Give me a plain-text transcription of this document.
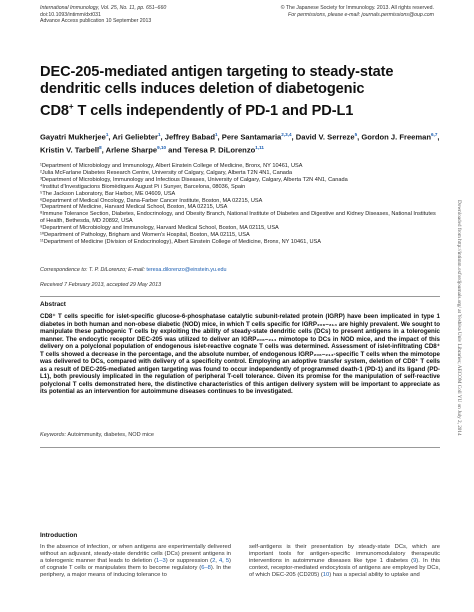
International Immunology, Vol. 25, No. 11, pp. 651–660
doi:10.1093/intimm/dxt031
Advance Access publication 10 September 2013
© The Japanese Society for Immunology. 2013. All rights reserved.
For permissions, please e-mail: journals.permissions@oup.com
DEC-205-mediated antigen targeting to steady-state
dendritic cells induces deletion of diabetogenic
CD8+ T cells independently of PD-1 and PD-L1
Gayatri Mukherjee$^1$, Ari Geliebter$^1$, Jeffrey Babad$^1$, Pere Santamaria$^{2,3,4}$, David V. Serreze$^5$, Gordon J. Freeman$^{6,7}$, Kristin V. Tarbell$^8$, Arlene Sharpe$^{9,10}$ and Teresa P. DiLorenzo$^{1,11}$
¹Department of Microbiology and Immunology, Albert Einstein College of Medicine, Bronx, NY 10461, USA
²Julia McFarlane Diabetes Research Centre, University of Calgary, Calgary, Alberta T2N 4N1, Canada
³Department of Microbiology, Immunology and Infectious Diseases, University of Calgary, Calgary, Alberta T2N 4N1, Canada
⁴Institut d'Investigacions Biomèdiques August Pi i Sunyer, Barcelona, 08036, Spain
⁵The Jackson Laboratory, Bar Harbor, ME 04609, USA
⁶Department of Medical Oncology, Dana-Farber Cancer Institute, Boston, MA 02215, USA
⁷Department of Medicine, Harvard Medical School, Boston, MA 02215, USA
⁸Immune Tolerance Section, Diabetes, Endocrinology, and Obesity Branch, National Institute of Diabetes and Digestive and Kidney Diseases, National Institutes of Health, Bethesda, MD 20892, USA
⁹Department of Microbiology and Immunology, Harvard Medical School, Boston, MA 02115, USA
¹⁰Department of Pathology, Brigham and Women's Hospital, Boston, MA 02115, USA
¹¹Department of Medicine (Division of Endocrinology), Albert Einstein College of Medicine, Bronx, NY 10461, USA
Correspondence to: T. P. DiLorenzo; E-mail: teresa.dilorenzo@einstein.yu.edu
Received 7 February 2013, accepted 29 May 2013
Abstract
CD8⁺ T cells specific for islet-specific glucose-6-phosphatase catalytic subunit-related protein (IGRP) have been implicated in type 1 diabetes in both human and non-obese diabetic (NOD) mice, in which T cells specific for IGRP₂₀₆–₂₁₄ are highly prevalent. We sought to manipulate these pathogenic T cells by exploiting the ability of steady-state dendritic cells (DCs) to present antigens in a tolerogenic manner. The endocytic receptor DEC-205 was utilized to deliver an IGRP₂₀₆–₂₁₄ mimotope to DCs in NOD mice, and the impact of this delivery on a polyclonal population of endogenous islet-reactive cognate T cells was determined. Assessment of islet-infiltrating CD8⁺ T cells showed a decrease in the percentage, and the absolute number, of endogenous IGRP₂₀₆–₂₁₄-specific T cells when the mimotope was delivered to DCs, compared with delivery of a specificity control. Employing an adoptive transfer system, deletion of CD8⁺ T cells as a result of DEC-205-mediated antigen targeting was found to occur independently of programmed death-1 (PD-1) and its ligand (PD-L1), both previously implicated in the regulation of peripheral T-cell tolerance. Given its promise for the manipulation of self-reactive polyclonal T cells demonstrated here, the distinctive characteristics of this antigen delivery system will be important to appreciate as its potential as an intervention for autoimmune diseases continues to be investigated.
Keywords: Autoimmunity, diabetes, NOD mice
Introduction
In the absence of infection, or when antigens are experimentally delivered without an adjuvant, steady-state dendritic cells (DCs) present antigens in a tolerogenic manner that leads to deletion (1–3) or suppression (2, 4, 5) of cognate T cells or manipulates them to become regulatory (6–8). In the periphery, a major means of inducing tolerance to
self-antigens is their presentation by steady-state DCs, which are important tools for antigen-specific immunomodulatory therapeutic interventions in autoimmune diseases like type 1 diabetes (9). In this context, receptor-mediated endocytosis of antigens are employed by DCs, of which DEC-205 (CD205) (10) has a special ability to uptake and
Downloaded from http://intimm.oxfordjournals.org/ at Yeshiva Univ Libraries; AECOM Coll YU on July 2, 2014
